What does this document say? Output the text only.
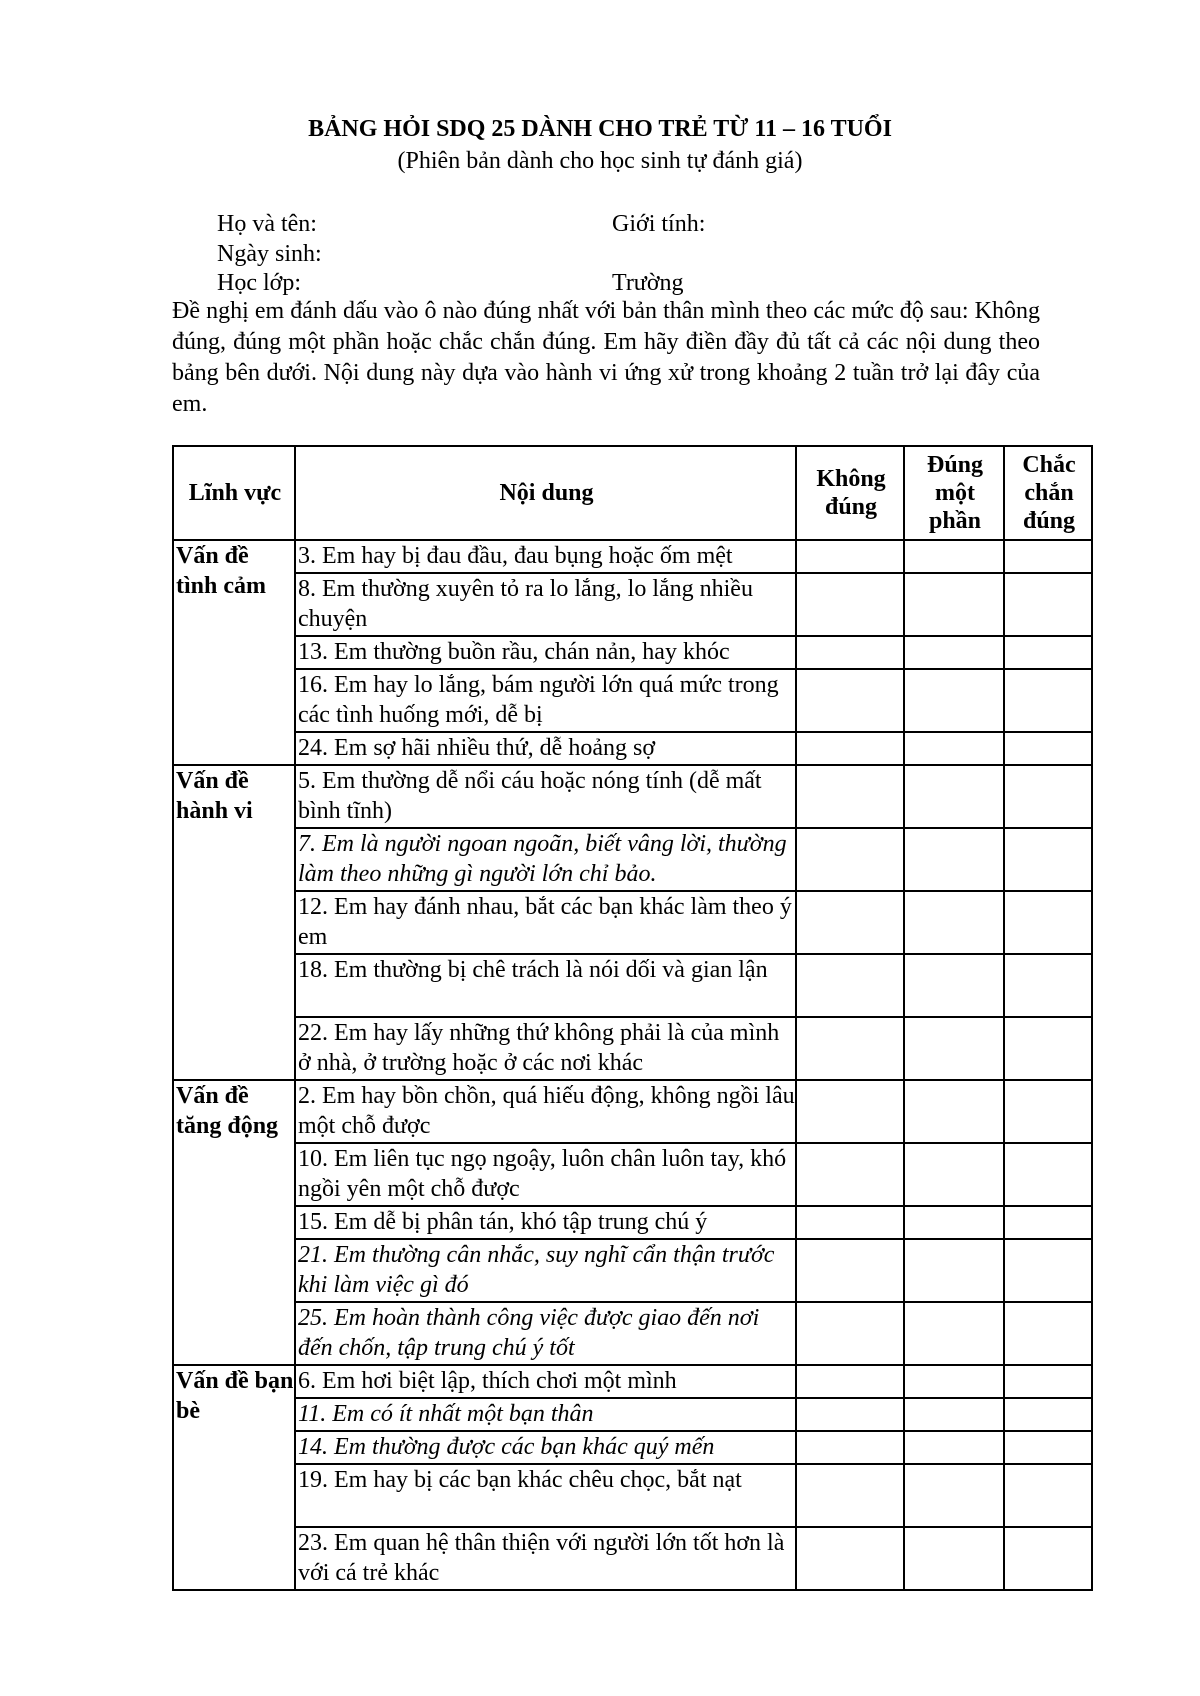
BẢNG HỎI SDQ 25 DÀNH CHO TRẺ TỪ 11 – 16 TUỔI
(Phiên bản dành cho học sinh tự đánh giá)
Họ và tên:	Giới tính:
Ngày sinh:
Học lớp:	Trường
Đề nghị em đánh dấu vào ô nào đúng nhất với bản thân mình theo các mức độ sau: Không đúng, đúng một phần hoặc chắc chắn đúng. Em hãy điền đầy đủ tất cả các nội dung theo bảng bên dưới. Nội dung này dựa vào hành vi ứng xử trong khoảng 2 tuần trở lại đây của em.
Lĩnh vực	Nội dung	Không đúng	Đúng một phần	Chắc chắn đúng
Vấn đề tình cảm	3. Em hay bị đau đầu, đau bụng hoặc ốm mệt			
	8. Em thường xuyên tỏ ra lo lắng, lo lắng nhiều chuyện			
	13. Em thường buồn rầu, chán nản, hay khóc			
	16. Em hay lo lắng, bám người lớn quá mức trong các tình huống mới, dễ bị			
	24. Em sợ hãi nhiều thứ, dễ hoảng sợ			
Vấn đề hành vi	5. Em thường dễ nổi cáu hoặc nóng tính (dễ mất bình tĩnh)			
	7. Em là người ngoan ngoãn, biết vâng lời, thường làm theo những gì người lớn chỉ bảo.			
	12. Em hay đánh nhau, bắt các bạn khác làm theo ý em			
	18. Em thường bị chê trách là nói dối và gian lận			
	22. Em hay lấy những thứ không phải là của mình ở nhà, ở trường hoặc ở các nơi khác			
Vấn đề tăng động	2. Em hay bồn chồn, quá hiếu động, không ngồi lâu một chỗ được			
	10. Em liên tục ngọ ngoậy, luôn chân luôn tay, khó ngồi yên một chỗ được			
	15. Em dễ bị phân tán, khó tập trung chú ý			
	21. Em thường cân nhắc, suy nghĩ cẩn thận trước khi làm việc gì đó			
	25. Em hoàn thành công việc được giao đến nơi đến chốn, tập trung chú ý tốt			
Vấn đề bạn bè	6. Em hơi biệt lập, thích chơi một mình			
	11. Em có ít nhất một bạn thân			
	14. Em thường được các bạn khác quý mến			
	19. Em hay bị các bạn khác chêu chọc, bắt nạt			
	23. Em quan hệ thân thiện với người lớn tốt hơn là với cá trẻ khác			
